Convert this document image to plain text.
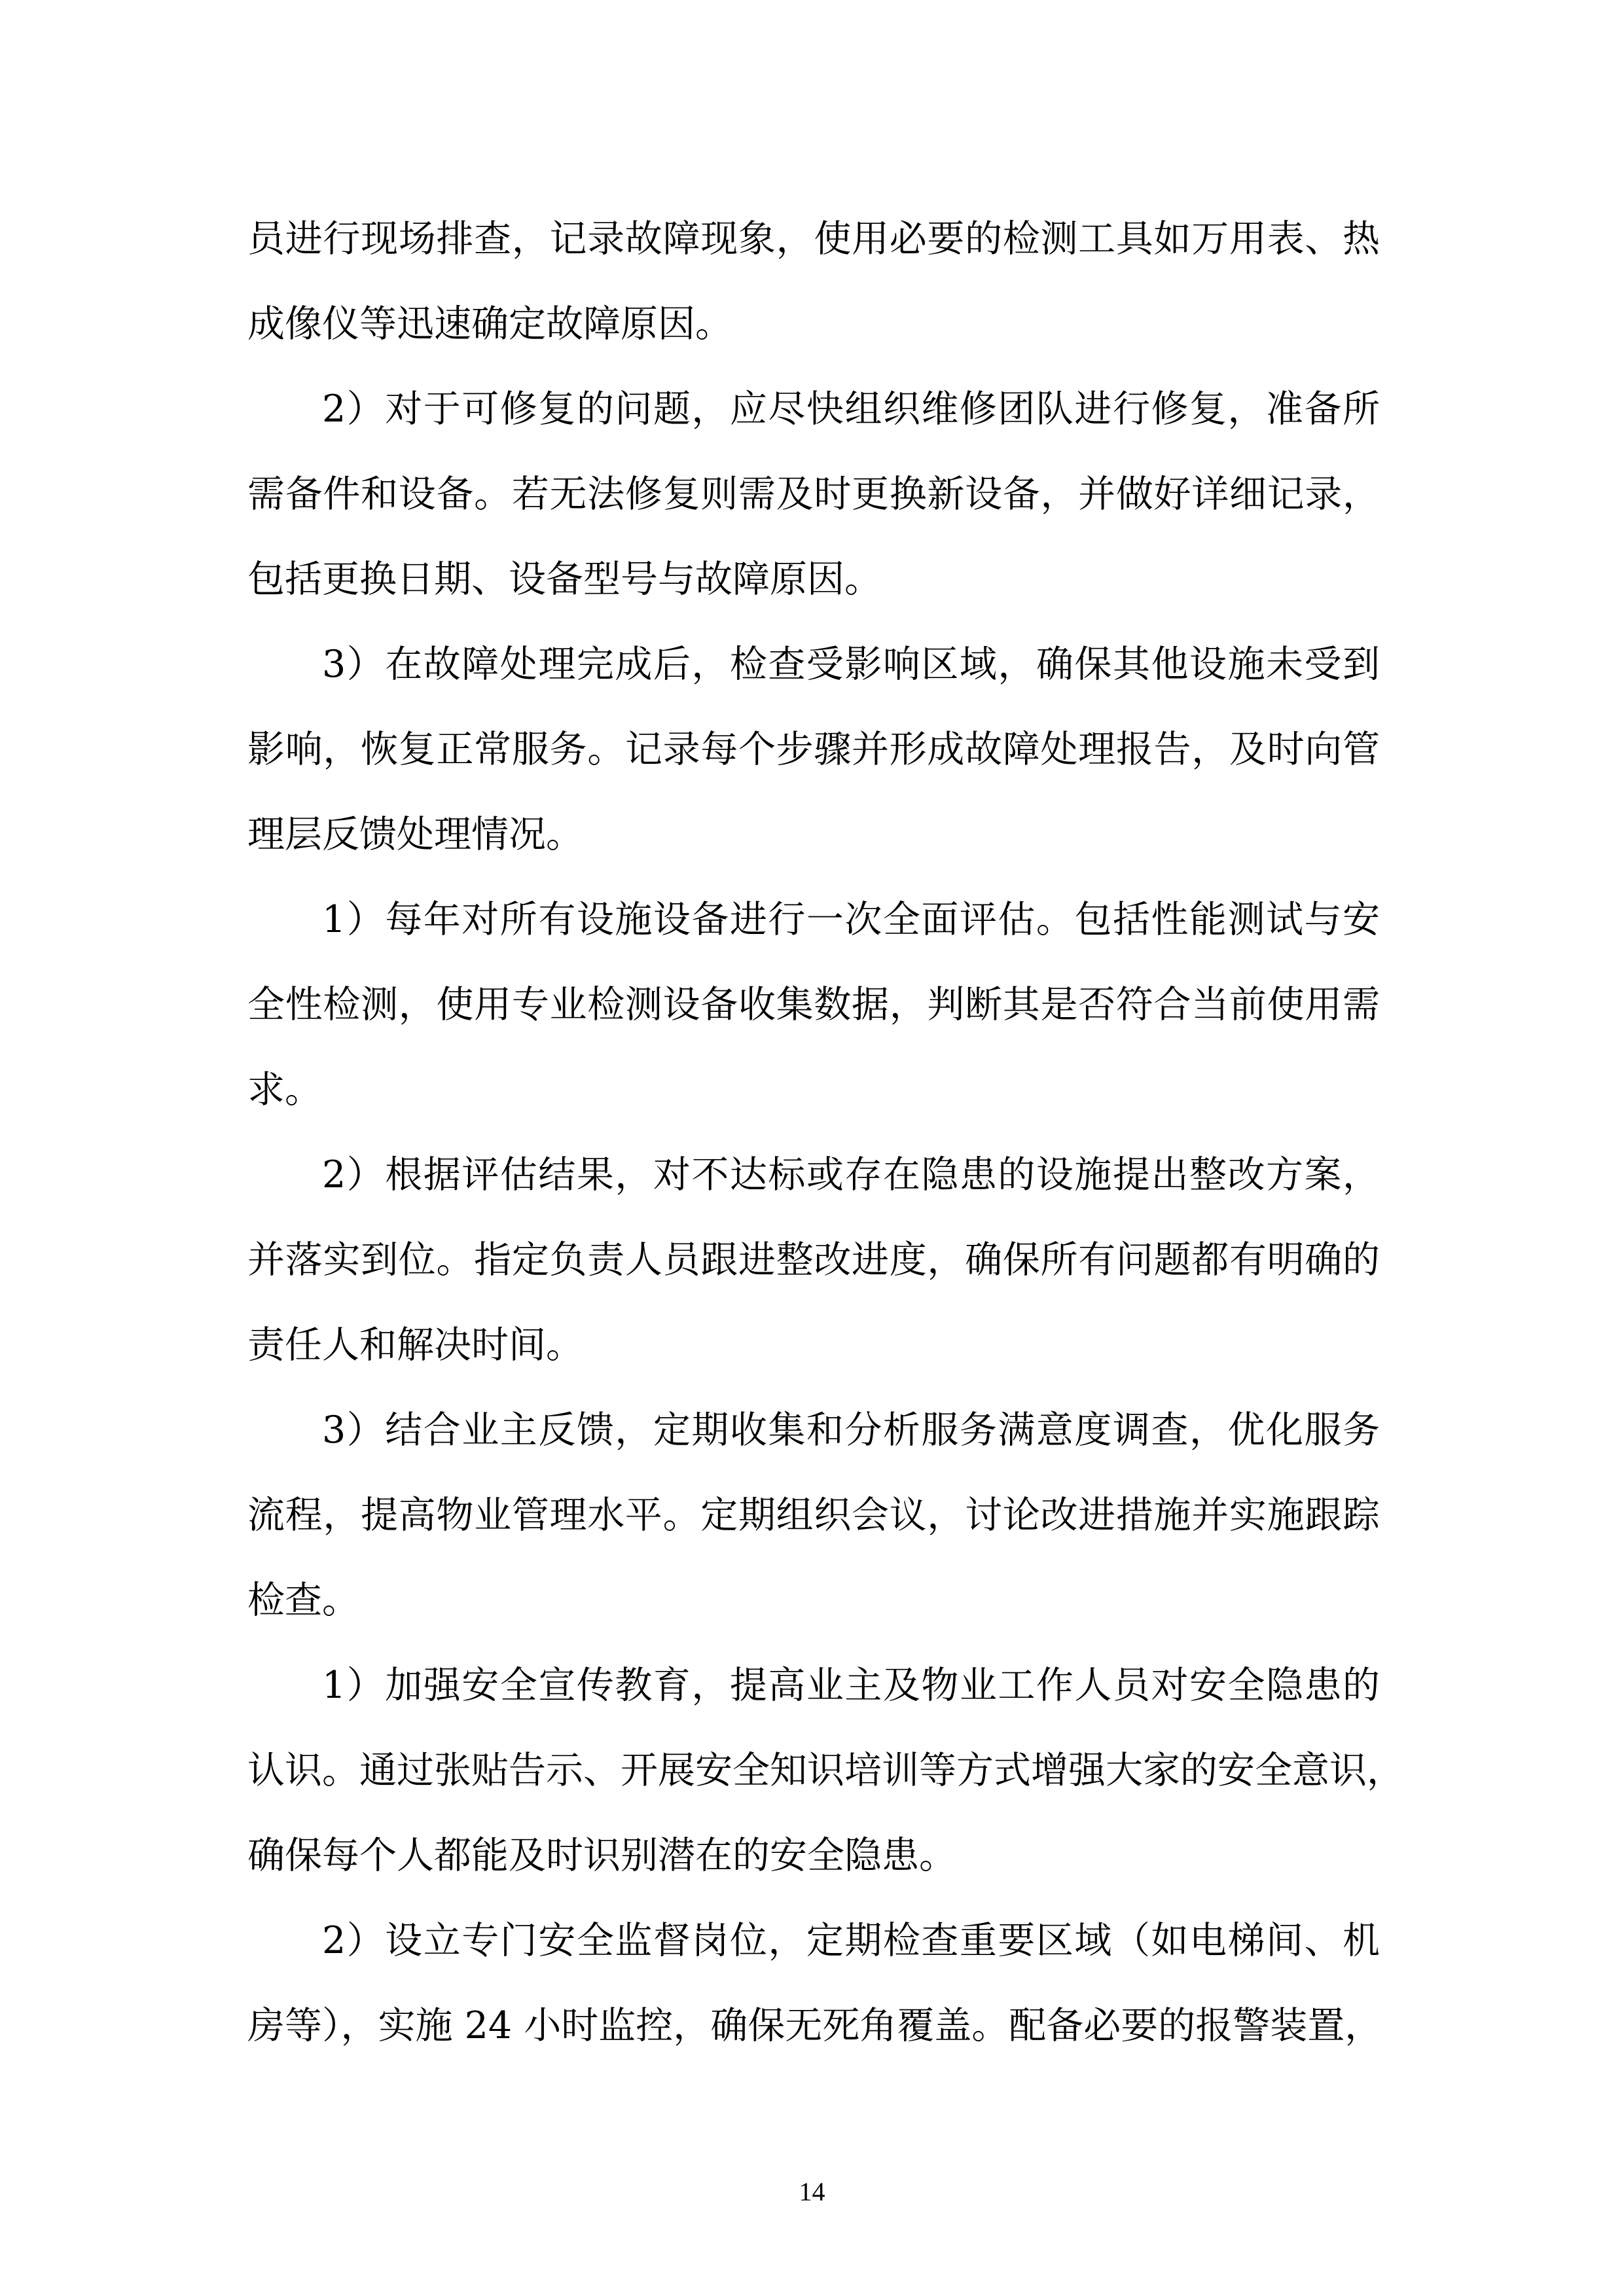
员进行现场排查，记录故障现象，使用必要的检测工具如万用表、热
成像仪等迅速确定故障原因。
2）对于可修复的问题，应尽快组织维修团队进行修复，准备所
需备件和设备。若无法修复则需及时更换新设备，并做好详细记录，
包括更换日期、设备型号与故障原因。
3）在故障处理完成后，检查受影响区域，确保其他设施未受到
影响，恢复正常服务。记录每个步骤并形成故障处理报告，及时向管
理层反馈处理情况。
1）每年对所有设施设备进行一次全面评估。包括性能测试与安
全性检测，使用专业检测设备收集数据，判断其是否符合当前使用需
求。
2）根据评估结果，对不达标或存在隐患的设施提出整改方案，
并落实到位。指定负责人员跟进整改进度，确保所有问题都有明确的
责任人和解决时间。
3）结合业主反馈，定期收集和分析服务满意度调查，优化服务
流程，提高物业管理水平。定期组织会议，讨论改进措施并实施跟踪
检查。
1）加强安全宣传教育，提高业主及物业工作人员对安全隐患的
认识。通过张贴告示、开展安全知识培训等方式增强大家的安全意识，
确保每个人都能及时识别潜在的安全隐患。
2）设立专门安全监督岗位，定期检查重要区域（如电梯间、机
房等），实施 24 小时监控，确保无死角覆盖。配备必要的报警装置，
14
